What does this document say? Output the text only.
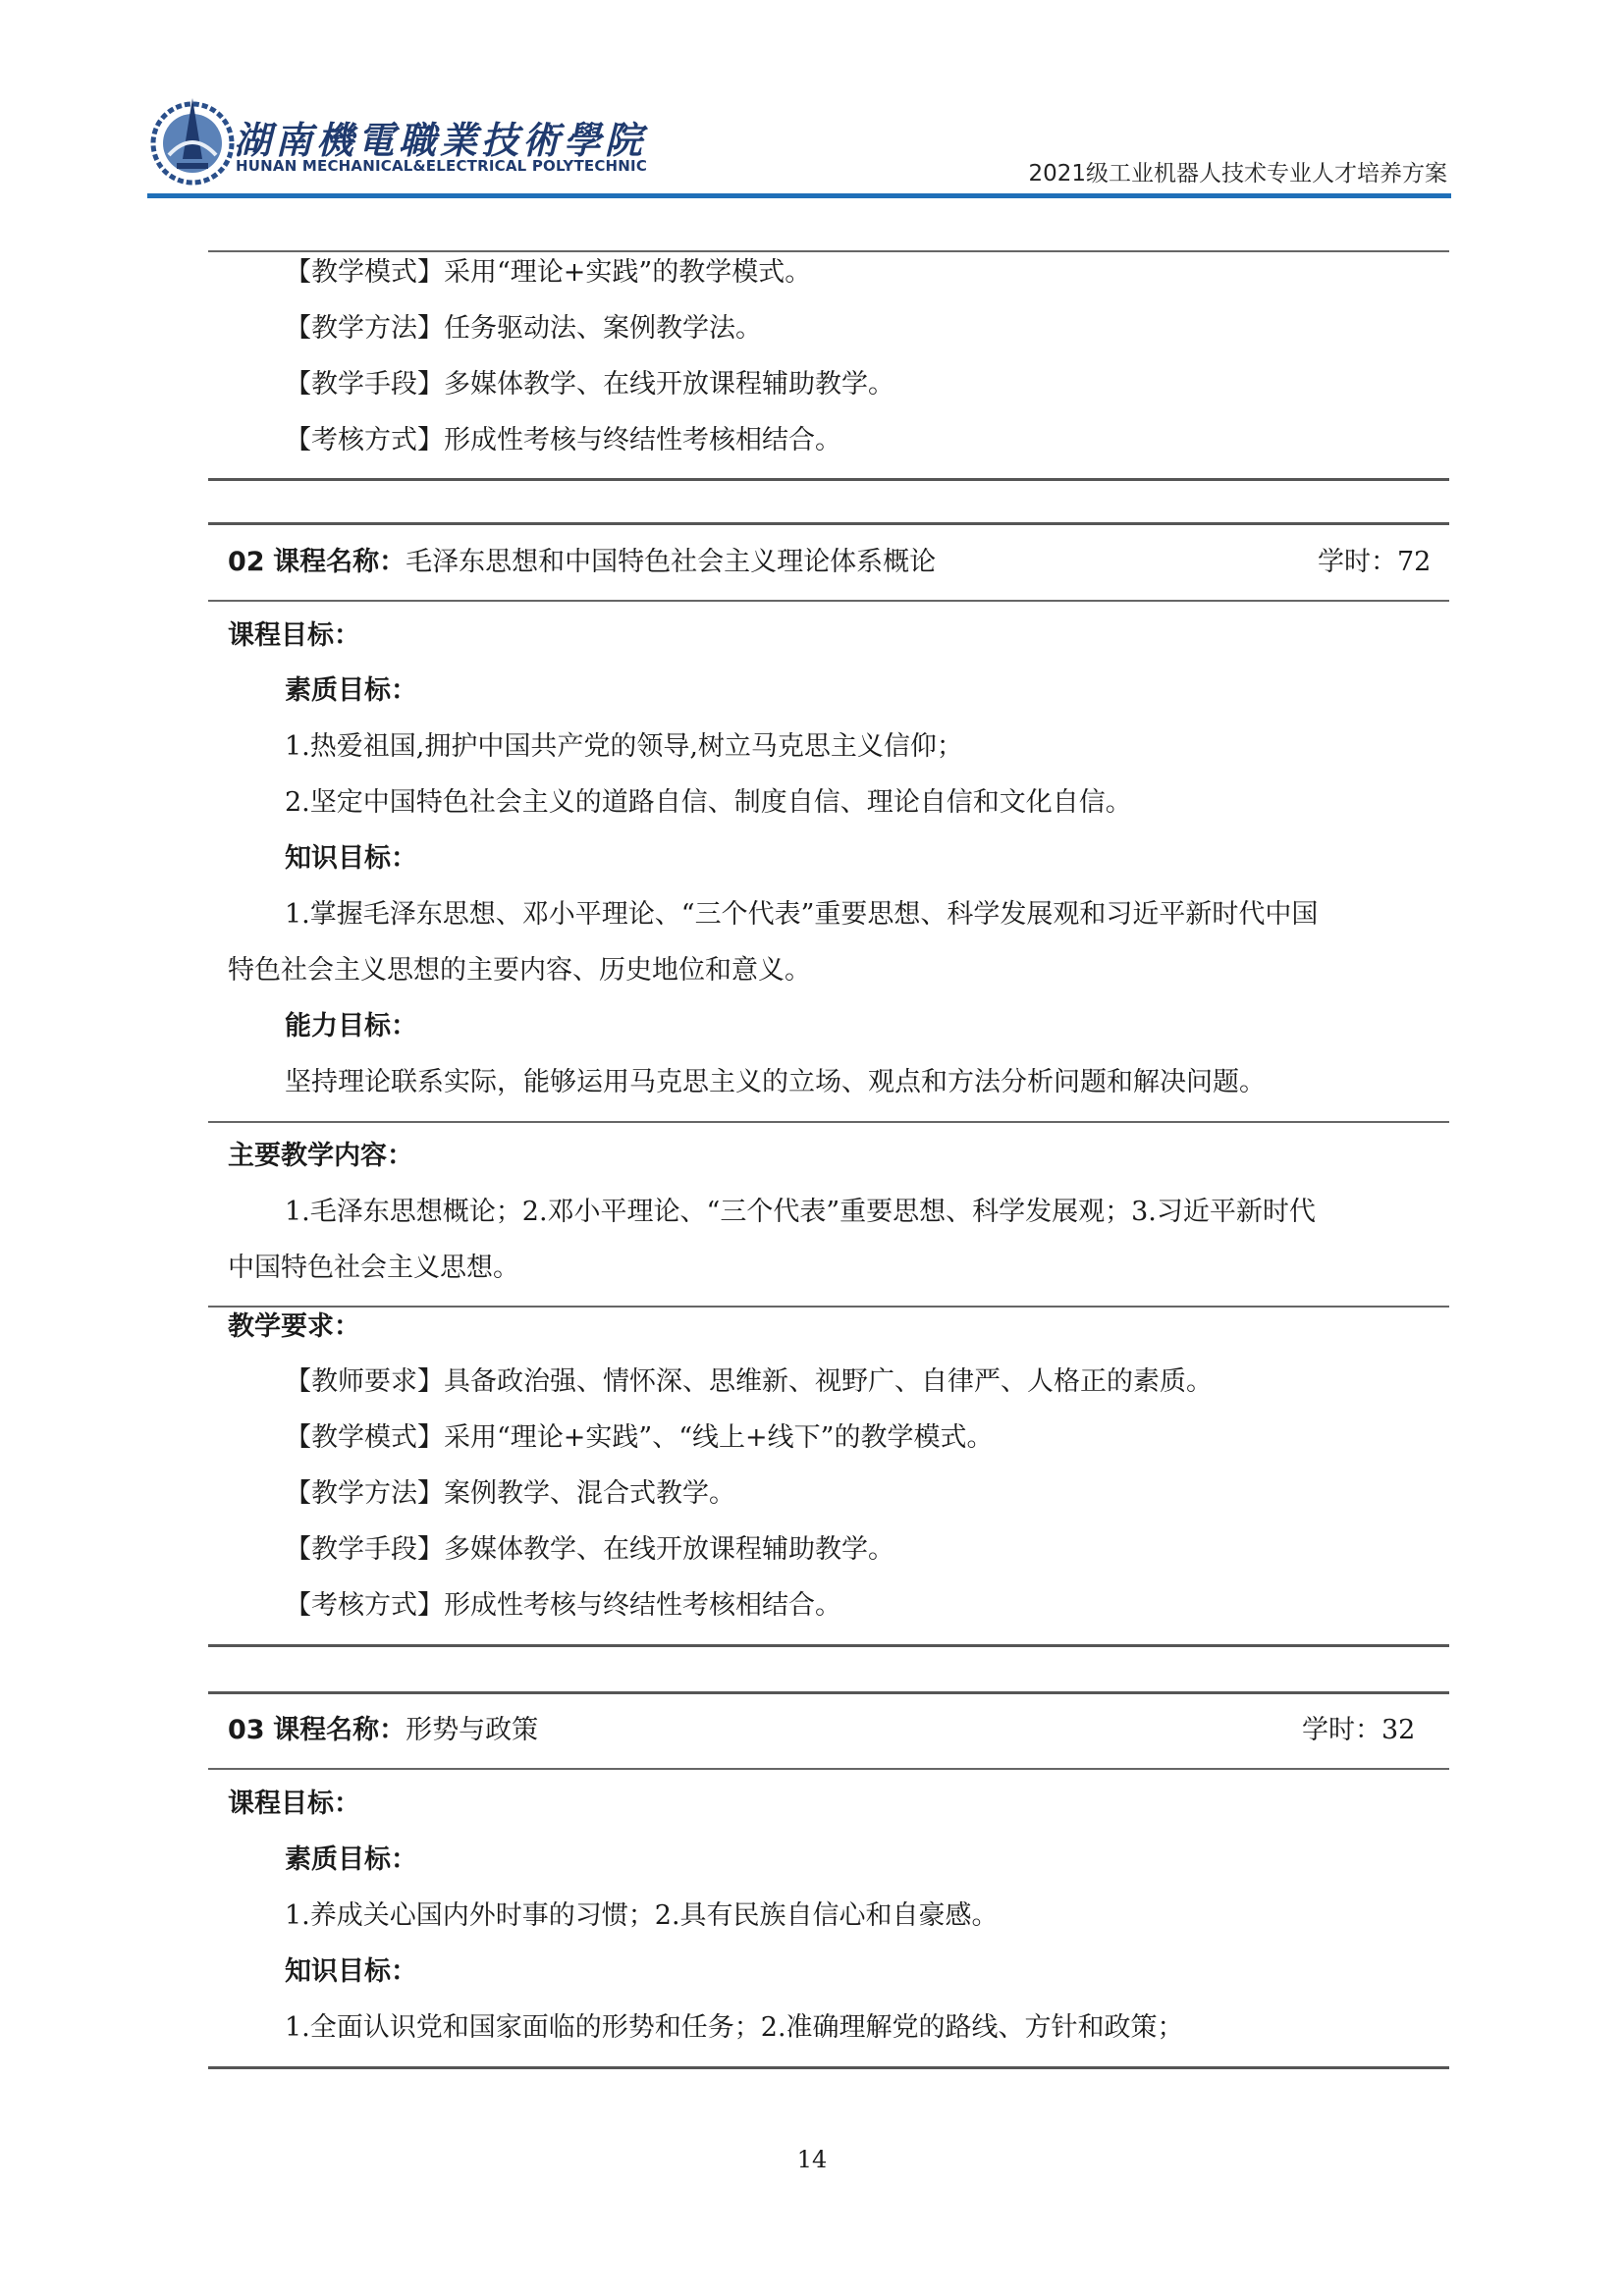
湖南機電職業技術學院
HUNAN MECHANICAL&ELECTRICAL POLYTECHNIC	2021级工业机器人技术专业人才培养方案
【教学模式】采用“理论+实践”的教学模式。
【教学方法】任务驱动法、案例教学法。
【教学手段】多媒体教学、在线开放课程辅助教学。
【考核方式】形成性考核与终结性考核相结合。
02 课程名称：毛泽东思想和中国特色社会主义理论体系概论	学时：72
课程目标：
素质目标：
1.热爱祖国,拥护中国共产党的领导,树立马克思主义信仰；
2.坚定中国特色社会主义的道路自信、制度自信、理论自信和文化自信。
知识目标：
1.掌握毛泽东思想、邓小平理论、“三个代表”重要思想、科学发展观和习近平新时代中国
特色社会主义思想的主要内容、历史地位和意义。
能力目标：
坚持理论联系实际，能够运用马克思主义的立场、观点和方法分析问题和解决问题。
主要教学内容：
1.毛泽东思想概论；2.邓小平理论、“三个代表”重要思想、科学发展观；3.习近平新时代
中国特色社会主义思想。
教学要求：
【教师要求】具备政治强、情怀深、思维新、视野广、自律严、人格正的素质。
【教学模式】采用“理论+实践”、“线上+线下”的教学模式。
【教学方法】案例教学、混合式教学。
【教学手段】多媒体教学、在线开放课程辅助教学。
【考核方式】形成性考核与终结性考核相结合。
03 课程名称：形势与政策	学时：32
课程目标：
素质目标：
1.养成关心国内外时事的习惯；2.具有民族自信心和自豪感。
知识目标：
1.全面认识党和国家面临的形势和任务；2.准确理解党的路线、方针和政策；
14
